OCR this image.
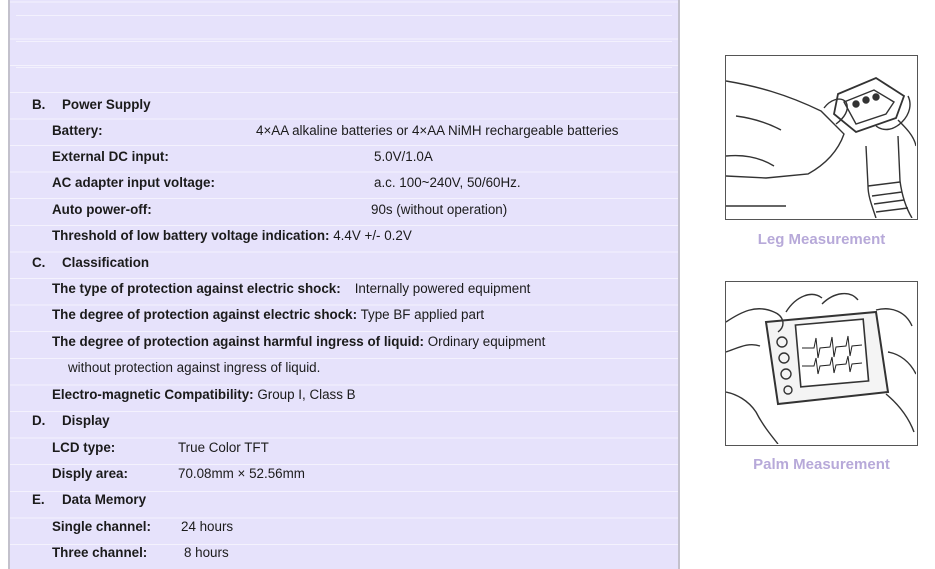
B. Power Supply
Battery:	4×AA alkaline batteries or 4×AA NiMH rechargeable batteries
External DC input:	5.0V/1.0A
AC adapter input voltage:	a.c. 100~240V, 50/60Hz.
Auto power-off:	90s (without operation)
Threshold of low battery voltage indication: 4.4V +/- 0.2V
C. Classification
The type of protection against electric shock: Internally powered equipment
The degree of protection against electric shock: Type BF applied part
The degree of protection against harmful ingress of liquid: Ordinary equipment
without protection against ingress of liquid.
Electro-magnetic Compatibility: Group I, Class B
D. Display
LCD type:	True Color TFT
Disply area:	70.08mm × 52.56mm
E. Data Memory
Single channel: 24 hours
Three channel:	8 hours
Leg Measurement
Palm Measurement
